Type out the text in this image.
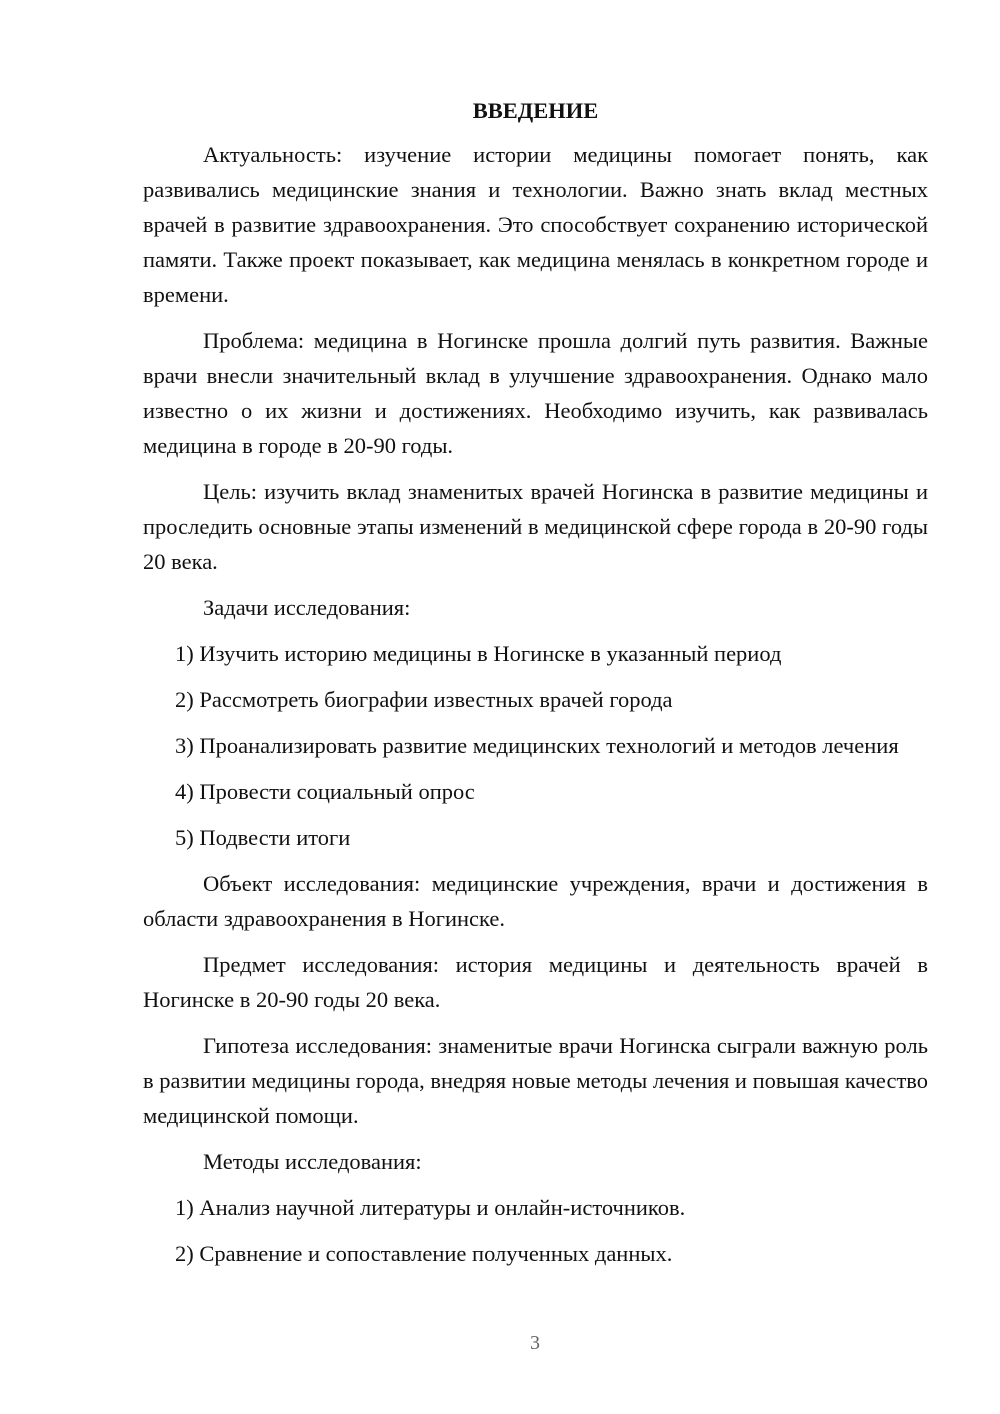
ВВЕДЕНИЕ

Актуальность: изучение истории медицины помогает понять, как развивались медицинские знания и технологии. Важно знать вклад местных врачей в развитие здравоохранения. Это способствует сохранению исторической памяти. Также проект показывает, как медицина менялась в конкретном городе и времени.

Проблема: медицина в Ногинске прошла долгий путь развития. Важные врачи внесли значительный вклад в улучшение здравоохранения. Однако мало известно о их жизни и достижениях. Необходимо изучить, как развивалась медицина в городе в 20-90 годы.

Цель: изучить вклад знаменитых врачей Ногинска в развитие медицины и проследить основные этапы изменений в медицинской сфере города в 20-90 годы 20 века.

Задачи исследования:

1) Изучить историю медицины в Ногинске в указанный период

2) Рассмотреть биографии известных врачей города

3) Проанализировать развитие медицинских технологий и методов лечения

4) Провести социальный опрос

5) Подвести итоги

Объект исследования: медицинские учреждения, врачи и достижения в области здравоохранения в Ногинске.

Предмет исследования: история медицины и деятельность врачей в Ногинске в 20-90 годы 20 века.

Гипотеза исследования: знаменитые врачи Ногинска сыграли важную роль в развитии медицины города, внедряя новые методы лечения и повышая качество медицинской помощи.

Методы исследования:

1) Анализ научной литературы и онлайн-источников.

2) Сравнение и сопоставление полученных данных.

3
